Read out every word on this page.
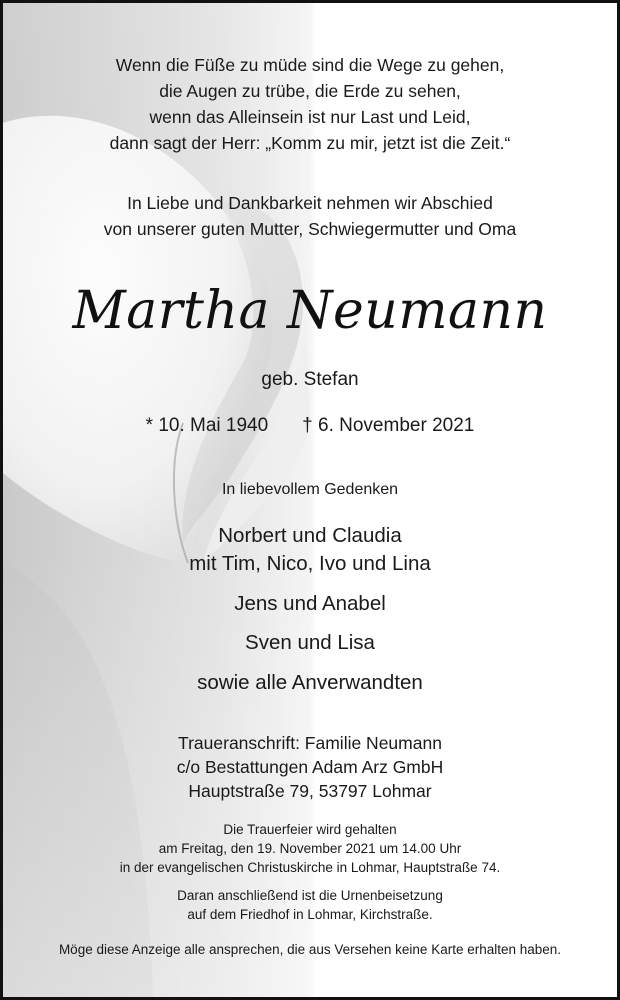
Wenn die Füße zu müde sind die Wege zu gehen,
die Augen zu trübe, die Erde zu sehen,
wenn das Alleinsein ist nur Last und Leid,
dann sagt der Herr: „Komm zu mir, jetzt ist die Zeit.“
In Liebe und Dankbarkeit nehmen wir Abschied
von unserer guten Mutter, Schwiegermutter und Oma
Martha Neumann
geb. Stefan
* 10. Mai 1940 † 6. November 2021
In liebevollem Gedenken
Norbert und Claudia
mit Tim, Nico, Ivo und Lina
Jens und Anabel
Sven und Lisa
sowie alle Anverwandten
Traueranschrift: Familie Neumann
c/o Bestattungen Adam Arz GmbH
Hauptstraße 79, 53797 Lohmar
Die Trauerfeier wird gehalten
am Freitag, den 19. November 2021 um 14.00 Uhr
in der evangelischen Christuskirche in Lohmar, Hauptstraße 74.
Daran anschließend ist die Urnenbeisetzung
auf dem Friedhof in Lohmar, Kirchstraße.
Möge diese Anzeige alle ansprechen, die aus Versehen keine Karte erhalten haben.
